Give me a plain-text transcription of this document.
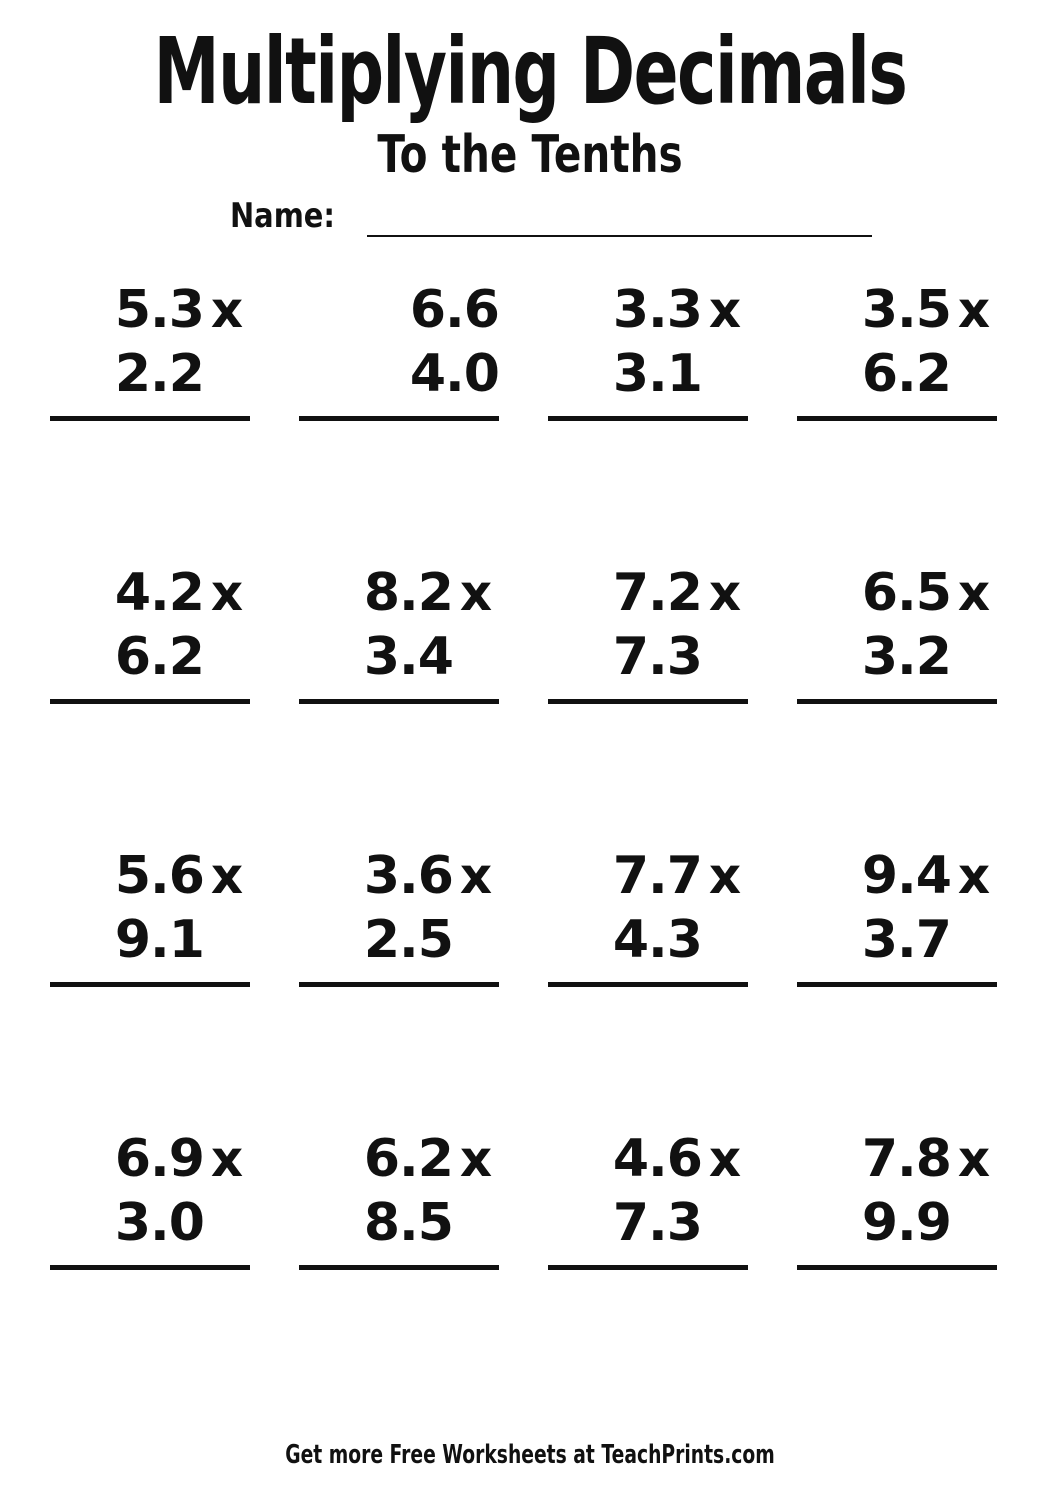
Multiplying Decimals
To the Tenths
Name:
5.3 x
2.2
6.6
4.0
3.3 x
3.1
3.5 x
6.2
4.2 x
6.2
8.2 x
3.4
7.2 x
7.3
6.5 x
3.2
5.6 x
9.1
3.6 x
2.5
7.7 x
4.3
9.4 x
3.7
6.9 x
3.0
6.2 x
8.5
4.6 x
7.3
7.8 x
9.9
Get more Free Worksheets at TeachPrints.com
